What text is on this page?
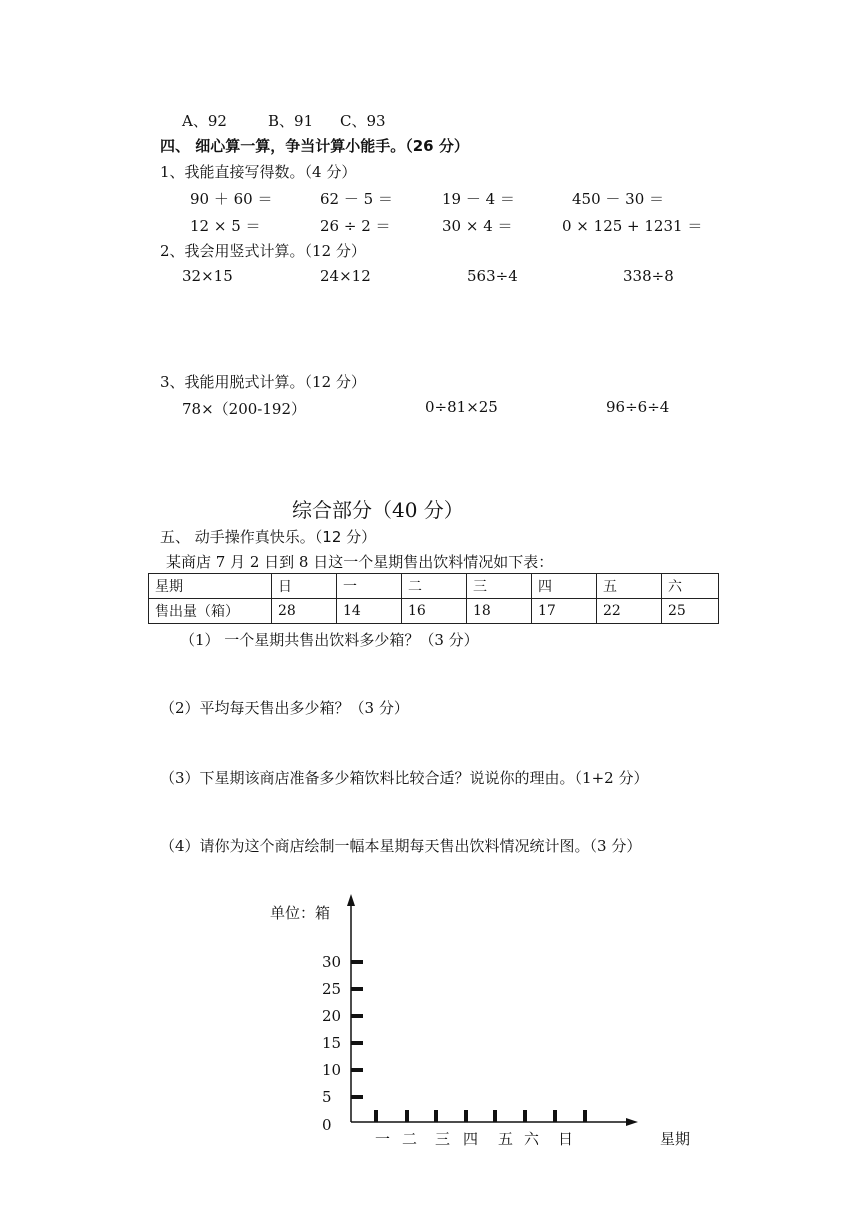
A、92	B、91 C、93
四、 细心算一算，争当计算小能手。（26 分）
1、我能直接写得数。（4 分）
90 ＋ 60 ＝	62 － 5 ＝	19 － 4 ＝	450 － 30 ＝
12 × 5 ＝	26 ÷ 2 ＝	30 × 4 ＝	0 × 125 + 1231 ＝
2、我会用竖式计算。（12 分）
32×15	24×12	563÷4	338÷8
3、我能用脱式计算。（12 分）
78×（200-192）	0÷81×25	96÷6÷4
综合部分（40 分）
五、 动手操作真快乐。（12 分）
某商店 7 月 2 日到 8 日这一个星期售出饮料情况如下表：
星期	日	一	二	三	四	五	六
售出量（箱）	28	14	16	18	17	22	25
（1） 一个星期共售出饮料多少箱？（3 分）
（2）平均每天售出多少箱？（3 分）
（3）下星期该商店准备多少箱饮料比较合适？说说你的理由。（1+2 分）
（4）请你为这个商店绘制一幅本星期每天售出饮料情况统计图。（3 分）
单位：箱
星期
30
25
20
15
10
5
0
一 二 三 四 五 六 日
